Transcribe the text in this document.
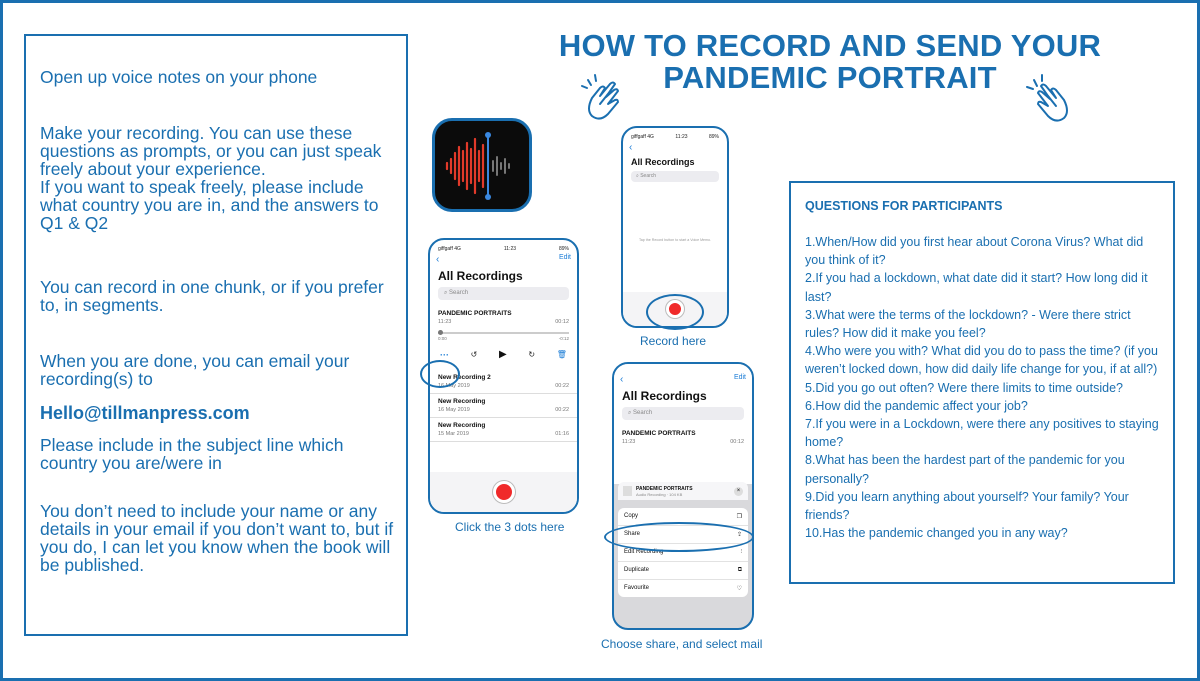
Open up voice notes on your phone

Make your recording. You can use these questions as prompts, or you can just speak freely about your experience.

If you want to speak freely, please include what country you are in, and the answers to Q1 & Q2

You can record in one chunk, or if you prefer to, in segments.

When you are done, you can email your recording(s) to

Hello@tillmanpress.com

Please include in the subject line which country you are/were in

You don’t need to include your name or any details in your email if you don’t want to, but if you do, I can let you know when the book will be published.

HOW TO RECORD AND SEND YOUR
PANDEMIC PORTRAIT
giffgaff 4G	11:23	89%
‹
All Recordings
⌕ Search
Tap the Record button to start a Voice Memo.
Record here
giffgaff 4G	11:23	89%
‹	Edit
All Recordings
⌕ Search
PANDEMIC PORTRAITS
11:23	00:12
0:00	-0:12
···	↺ ▶	↻	🗑
New Recording 2
16 May 2019	00:22
New Recording
16 May 2019	00:22
New Recording
15 Mar 2019	01:16
Click the 3 dots here
‹	Edit
All Recordings
⌕ Search
PANDEMIC PORTRAITS
11:23	00:12
PANDEMIC PORTRAITS
Audio Recording · 104 KB
×
Copy	❐
Share	⇪
Edit Recording	⫶
Duplicate	⧉
Favourite	♡
Choose share, and select mail
QUESTIONS FOR PARTICIPANTS
1.When/How did you first hear about Corona Virus? What did you think of it?
2.If you had a lockdown, what date did it start? How long did it last?
3.What were the terms of the lockdown? - Were there strict rules? How did it make you feel?
4.Who were you with? What did you do to pass the time? (if you weren’t locked down, how did daily life change for you, if at all?)
5.Did you go out often? Were there limits to time outside?
6.How did the pandemic affect your job?
7.If you were in a Lockdown, were there any positives to staying home?
8.What has been the hardest part of the pandemic for you personally?
9.Did you learn anything about yourself? Your family? Your friends?
10.Has the pandemic changed you in any way?
